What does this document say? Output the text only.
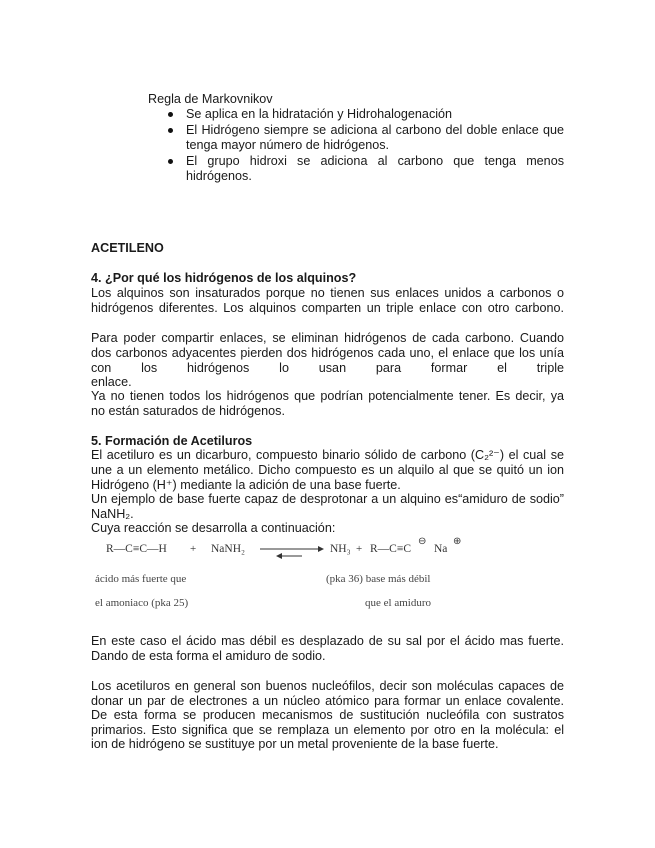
Regla de Markovnikov
Se aplica en la hidratación y Hidrohalogenación
El Hidrógeno siempre se adiciona al carbono del doble enlace que
tenga mayor número de hidrógenos.
El grupo hidroxi se adiciona al carbono que tenga menos
hidrógenos.
ACETILENO
4. ¿Por qué los hidrógenos de los alquinos?
Los alquinos son insaturados porque no tienen sus enlaces unidos a carbonos o
hidrógenos diferentes. Los alquinos comparten un triple enlace con otro carbono.
Para poder compartir enlaces, se eliminan hidrógenos de cada carbono. Cuando
dos carbonos adyacentes pierden dos hidrógenos cada uno, el enlace que los unía
con los hidrógenos lo usan para formar el triple enlace.
Ya no tienen todos los hidrógenos que podrían potencialmente tener. Es decir, ya
no están saturados de hidrógenos.
5. Formación de Acetiluros
El acetiluro es un dicarburo, compuesto binario sólido de carbono (C₂²⁻) el cual se
une a un elemento metálico. Dicho compuesto es un alquilo al que se quitó un ion
Hidrógeno (H⁺) mediante la adición de una base fuerte.
Un ejemplo de base fuerte capaz de desprotonar a un alquino es“amiduro de sodio”
NaNH₂.
Cuya reacción se desarrolla a continuación:
R—C≡C—H + NaNH₂	NH₃ + R—C≡C
⊖
Na
⊕
ácido más fuerte que
el amoniaco (pka 25)
(pka 36) base más débil
que el amiduro
En este caso el ácido mas débil es desplazado de su sal por el ácido mas fuerte.
Dando de esta forma el amiduro de sodio.
Los acetiluros en general son buenos nucleófilos, decir son moléculas capaces de
donar un par de electrones a un núcleo atómico para formar un enlace covalente.
De esta forma se producen mecanismos de sustitución nucleófila con sustratos
primarios. Esto significa que se remplaza un elemento por otro en la molécula: el
ion de hidrógeno se sustituye por un metal proveniente de la base fuerte.
